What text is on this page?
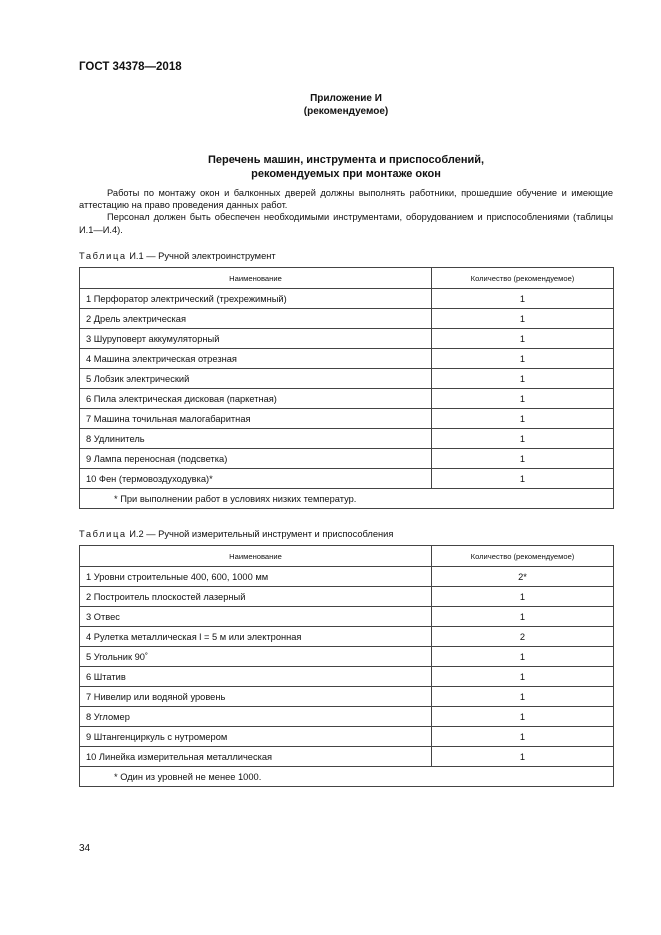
ГОСТ 34378—2018
Приложение И
(рекомендуемое)
Перечень машин, инструмента и приспособлений,
рекомендуемых при монтаже окон

Работы по монтажу окон и балконных дверей должны выполнять работники, прошедшие обучение и имеющие аттестацию на право проведения данных работ.

Персонал должен быть обеспечен необходимыми инструментами, оборудованием и приспособлениями (таблицы И.1—И.4).

Таблица И.1 — Ручной электроинструмент
Наименование	Количество (рекомендуемое)
1 Перфоратор электрический (трехрежимный)	1
2 Дрель электрическая	1
3 Шуруповерт аккумуляторный	1
4 Машина электрическая отрезная	1
5 Лобзик электрический	1
6 Пила электрическая дисковая (паркетная)	1
7 Машина точильная малогабаритная	1
8 Удлинитель	1
9 Лампа переносная (подсветка)	1
10 Фен (термовоздуходувка)*	1
* При выполнении работ в условиях низких температур.	
Таблица И.2 — Ручной измерительный инструмент и приспособления
Наименование	Количество (рекомендуемое)
1 Уровни строительные 400, 600, 1000 мм	2*
2 Построитель плоскостей лазерный	1
3 Отвес	1
4 Рулетка металлическая l = 5 м или электронная	2
5 Угольник 90˚	1
6 Штатив	1
7 Нивелир или водяной уровень	1
8 Угломер	1
9 Штангенциркуль с нутромером	1
10 Линейка измерительная металлическая	1
* Один из уровней не менее 1000.	
34
